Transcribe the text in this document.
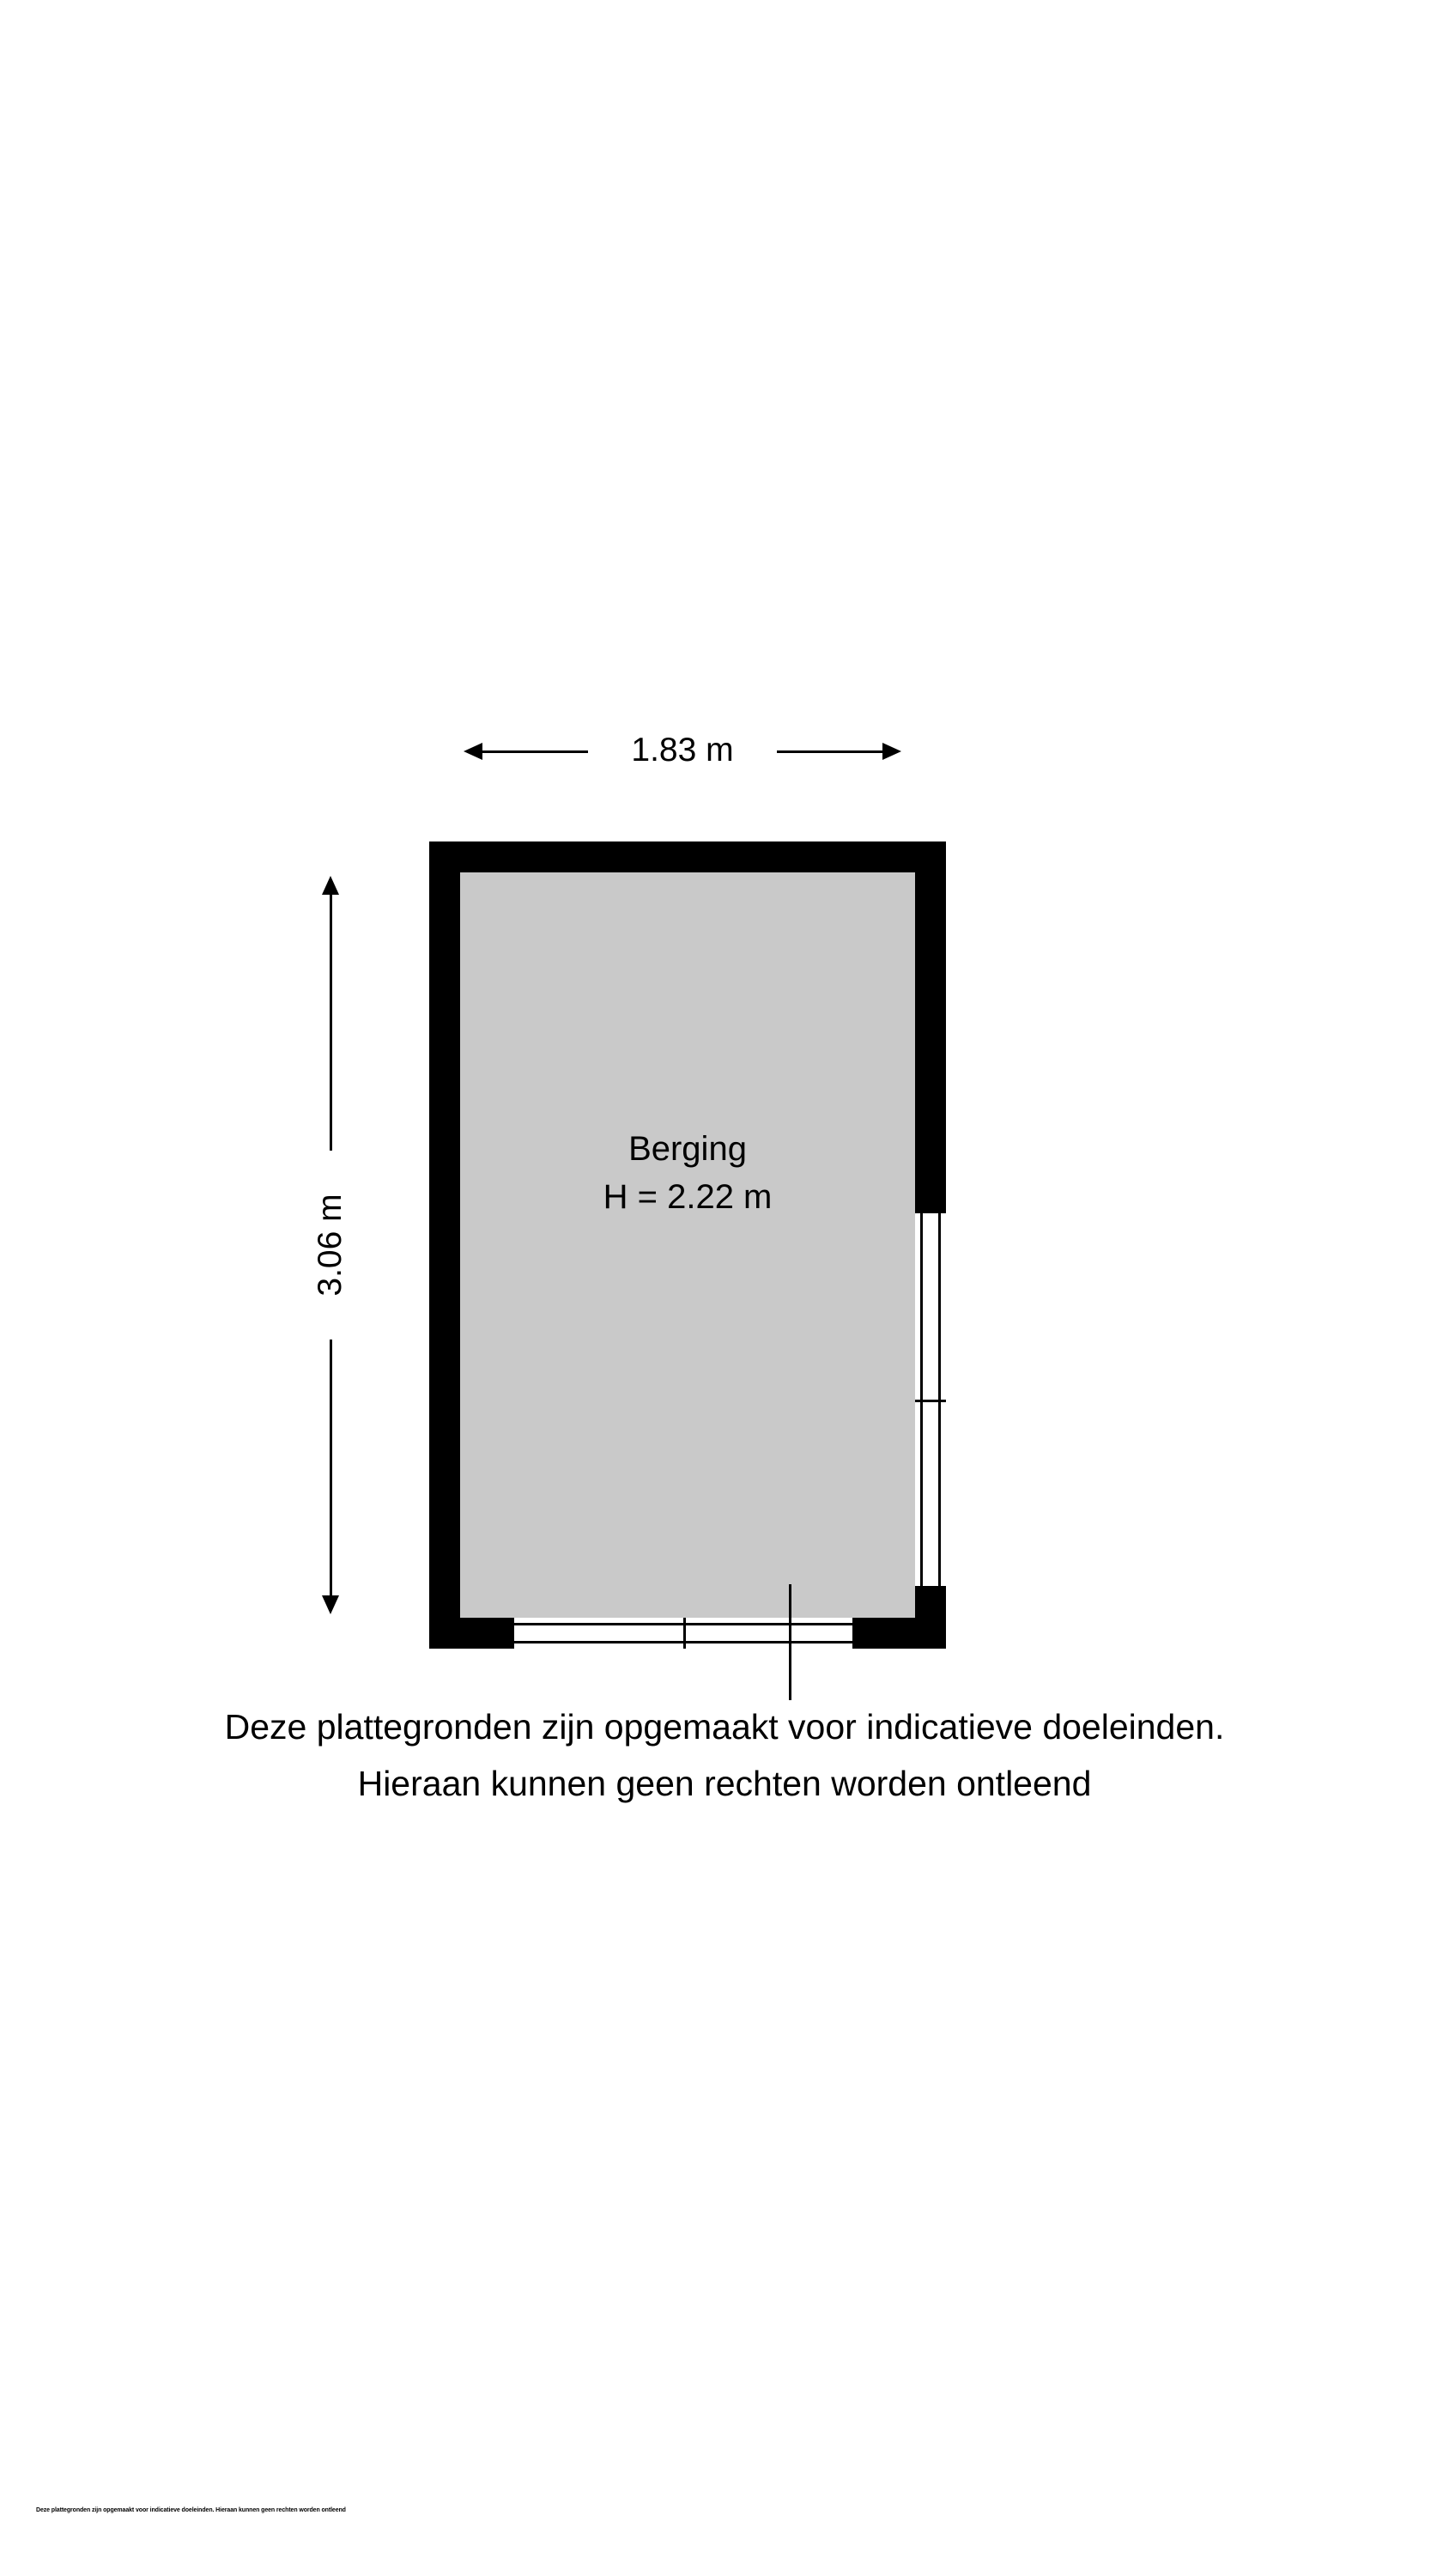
1.83 m
3.06 m
Berging
H = 2.22 m
Deze plattegronden zijn opgemaakt voor indicatieve doeleinden.
Hieraan kunnen geen rechten worden ontleend
Deze plattegronden zijn opgemaakt voor indicatieve doeleinden. Hieraan kunnen geen rechten worden ontleend
